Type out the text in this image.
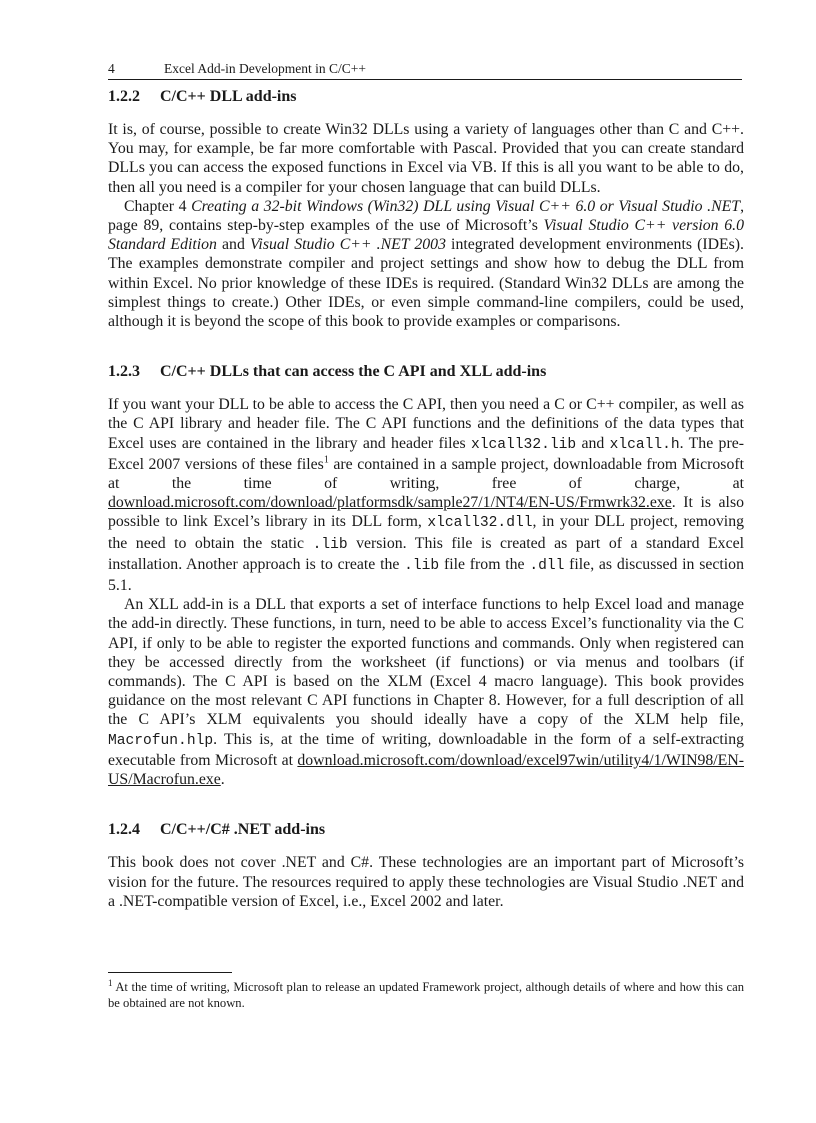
4	Excel Add-in Development in C/C++
1.2.2 C/C++ DLL add-ins

It is, of course, possible to create Win32 DLLs using a variety of languages other than C and C++. You may, for example, be far more comfortable with Pascal. Provided that you can create standard DLLs you can access the exposed functions in Excel via VB. If this is all you want to be able to do, then all you need is a compiler for your chosen language that can build DLLs.

Chapter 4 Creating a 32-bit Windows (Win32) DLL using Visual C++ 6.0 or Visual Studio .NET, page 89, contains step-by-step examples of the use of Microsoft’s Visual Studio C++ version 6.0 Standard Edition and Visual Studio C++ .NET 2003 integrated development environments (IDEs). The examples demonstrate compiler and project settings and show how to debug the DLL from within Excel. No prior knowledge of these IDEs is required. (Standard Win32 DLLs are among the simplest things to create.) Other IDEs, or even simple command-line compilers, could be used, although it is beyond the scope of this book to provide examples or comparisons.

1.2.3 C/C++ DLLs that can access the C API and XLL add-ins

If you want your DLL to be able to access the C API, then you need a C or C++ compiler, as well as the C API library and header file. The C API functions and the definitions of the data types that Excel uses are contained in the library and header files xlcall32.lib and xlcall.h. The pre-Excel 2007 versions of these files$^1$ are contained in a sample project, downloadable from Microsoft at the time of writing, free of charge, at download.microsoft.com/download/platformsdk/sample27/1/NT4/EN-US/Frmwrk32.exe. It is also possible to link Excel’s library in its DLL form, xlcall32.dll, in your DLL project, removing the need to obtain the static .lib version. This file is created as part of a standard Excel installation. Another approach is to create the .lib file from the .dll file, as discussed in section 5.1.

An XLL add-in is a DLL that exports a set of interface functions to help Excel load and manage the add-in directly. These functions, in turn, need to be able to access Excel’s functionality via the C API, if only to be able to register the exported functions and commands. Only when registered can they be accessed directly from the worksheet (if functions) or via menus and toolbars (if commands). The C API is based on the XLM (Excel 4 macro language). This book provides guidance on the most relevant C API functions in Chapter 8. However, for a full description of all the C API’s XLM equivalents you should ideally have a copy of the XLM help file, Macrofun.hlp. This is, at the time of writing, downloadable in the form of a self-extracting executable from Microsoft at download.microsoft.com/download/excel97win/utility4/1/WIN98/EN-US/Macrofun.exe.

1.2.4 C/C++/C# .NET add-ins

This book does not cover .NET and C#. These technologies are an important part of Microsoft’s vision for the future. The resources required to apply these technologies are Visual Studio .NET and a .NET-compatible version of Excel, i.e., Excel 2002 and later.

$^1$ At the time of writing, Microsoft plan to release an updated Framework project, although details of where and how this can be obtained are not known.
